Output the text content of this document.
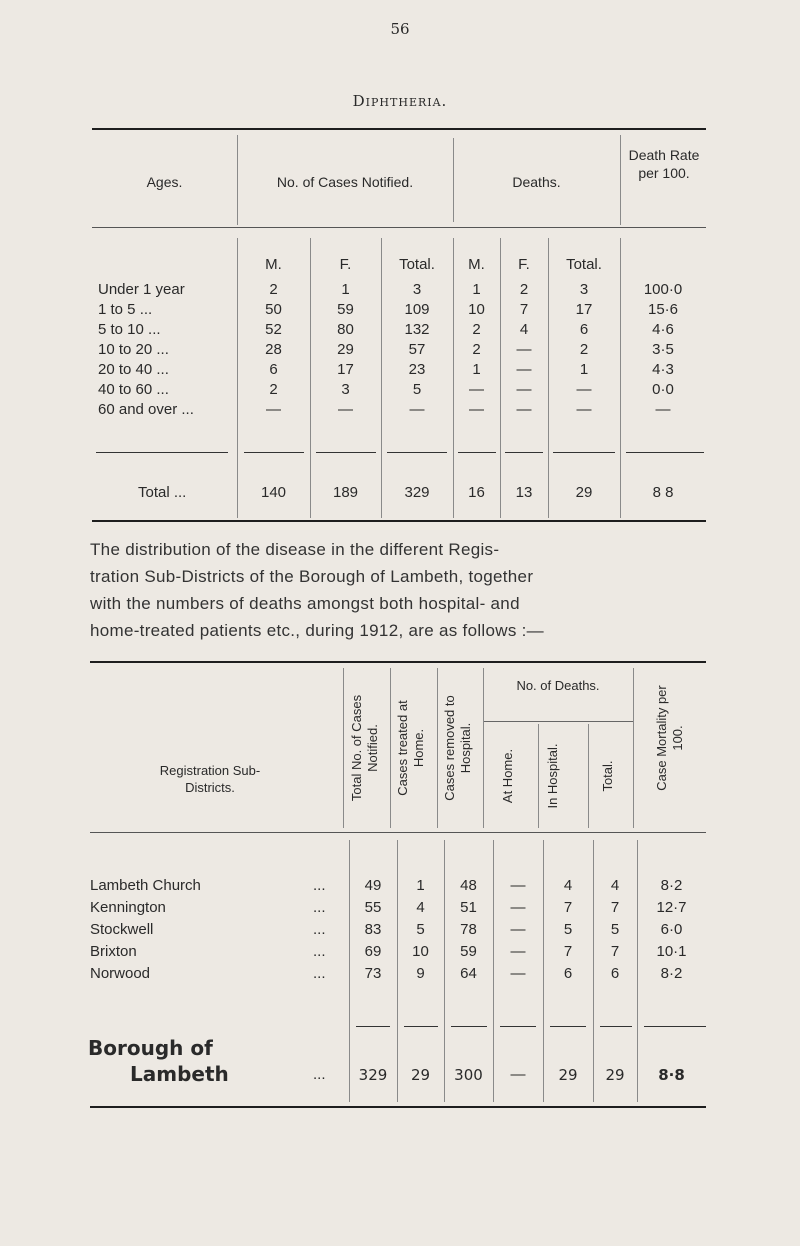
56
Diphtheria.
Ages.	No. of Cases Notified.	Deaths.
Death Rate per 100.
M.	F.	Total.	M.	F.	Total.
Under 1 year	2	1	3	1	2	3	100·0
1 to 5 ...	50	59	109	10	7	17	15·6
5 to 10 ...	52	80	132	2	4	6	4·6
10 to 20 ...	28	29	57	2	—	2	3·5
20 to 40 ...	6	17	23	1	—	1	4·3
40 to 60 ...	2	3	5	—	—	—	0·0
60 and over ...	—	—	—	—	—	—	—
Total ...	140	189	329	16	13	29	8 8
The distribution of the disease in the different Regis-
tration Sub-Districts of the Borough of Lambeth, together
with the numbers of deaths amongst both hospital- and
home-treated patients etc., during 1912, are as follows :—
Registration Sub-Districts.	Total No. of Cases Notified.	Cases treated at Home.	Cases removed to Hospital.
No. of Deaths.
At Home.	In Hospital.	Total.	Case Mortality per 100.
Lambeth Church	...	49	1	48	—	4	4	8·2
Kennington	...	55	4	51	—	7	7	12·7
Stockwell	...	83	5	78	—	5	5	6·0
Brixton	...	69	10	59	—	7	7	10·1
Norwood	...	73	9	64	—	6	6	8·2
Borough of
Lambeth	...	329	29	300	—	29	29	8·8
